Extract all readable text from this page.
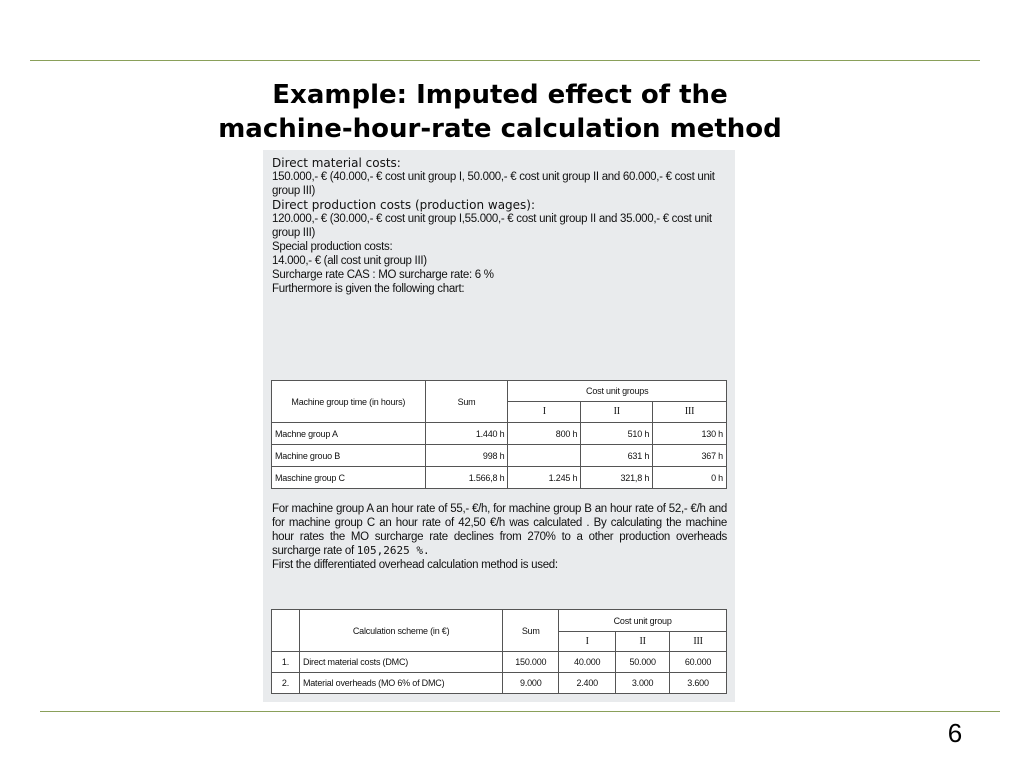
Example: Imputed effect of the
machine-hour-rate calculation method

Direct material costs:

150.000,- € (40.000,- € cost unit group I, 50.000,- € cost unit group II and 60.000,- € cost unit group III)

Direct production costs (production wages):

120.000,- € (30.000,- € cost unit group I,55.000,- € cost unit group II and 35.000,- € cost unit group III)

Special production costs:

14.000,- € (all cost unit group III)

Surcharge rate CAS : MO surcharge rate: 6 %

Furthermore is given the following chart:

Machine group time (in hours)	Sum	Cost unit groups		
		I	II	III
Machne group A	1.440 h	800 h	510 h	130 h
Machine grouo B	998 h		631 h	367 h
Maschine group C	1.566,8 h	1.245 h	321,8 h	0 h

For machine group A an hour rate of 55,- €/h, for machine group B an hour rate of 52,- €/h and for machine group C an hour rate of 42,50 €/h was calculated . By calculating the machine hour rates the MO surcharge rate declines from 270% to a other production overheads surcharge rate of 105,2625 %.

First the differentiated overhead calculation method is used:

	Calculation scheme (in €)	Sum	Cost unit group		
			I	II	III
1.	Direct material costs (DMC)	150.000	40.000	50.000	60.000
2.	Material overheads (MO 6% of DMC)	9.000	2.400	3.000	3.600
6
